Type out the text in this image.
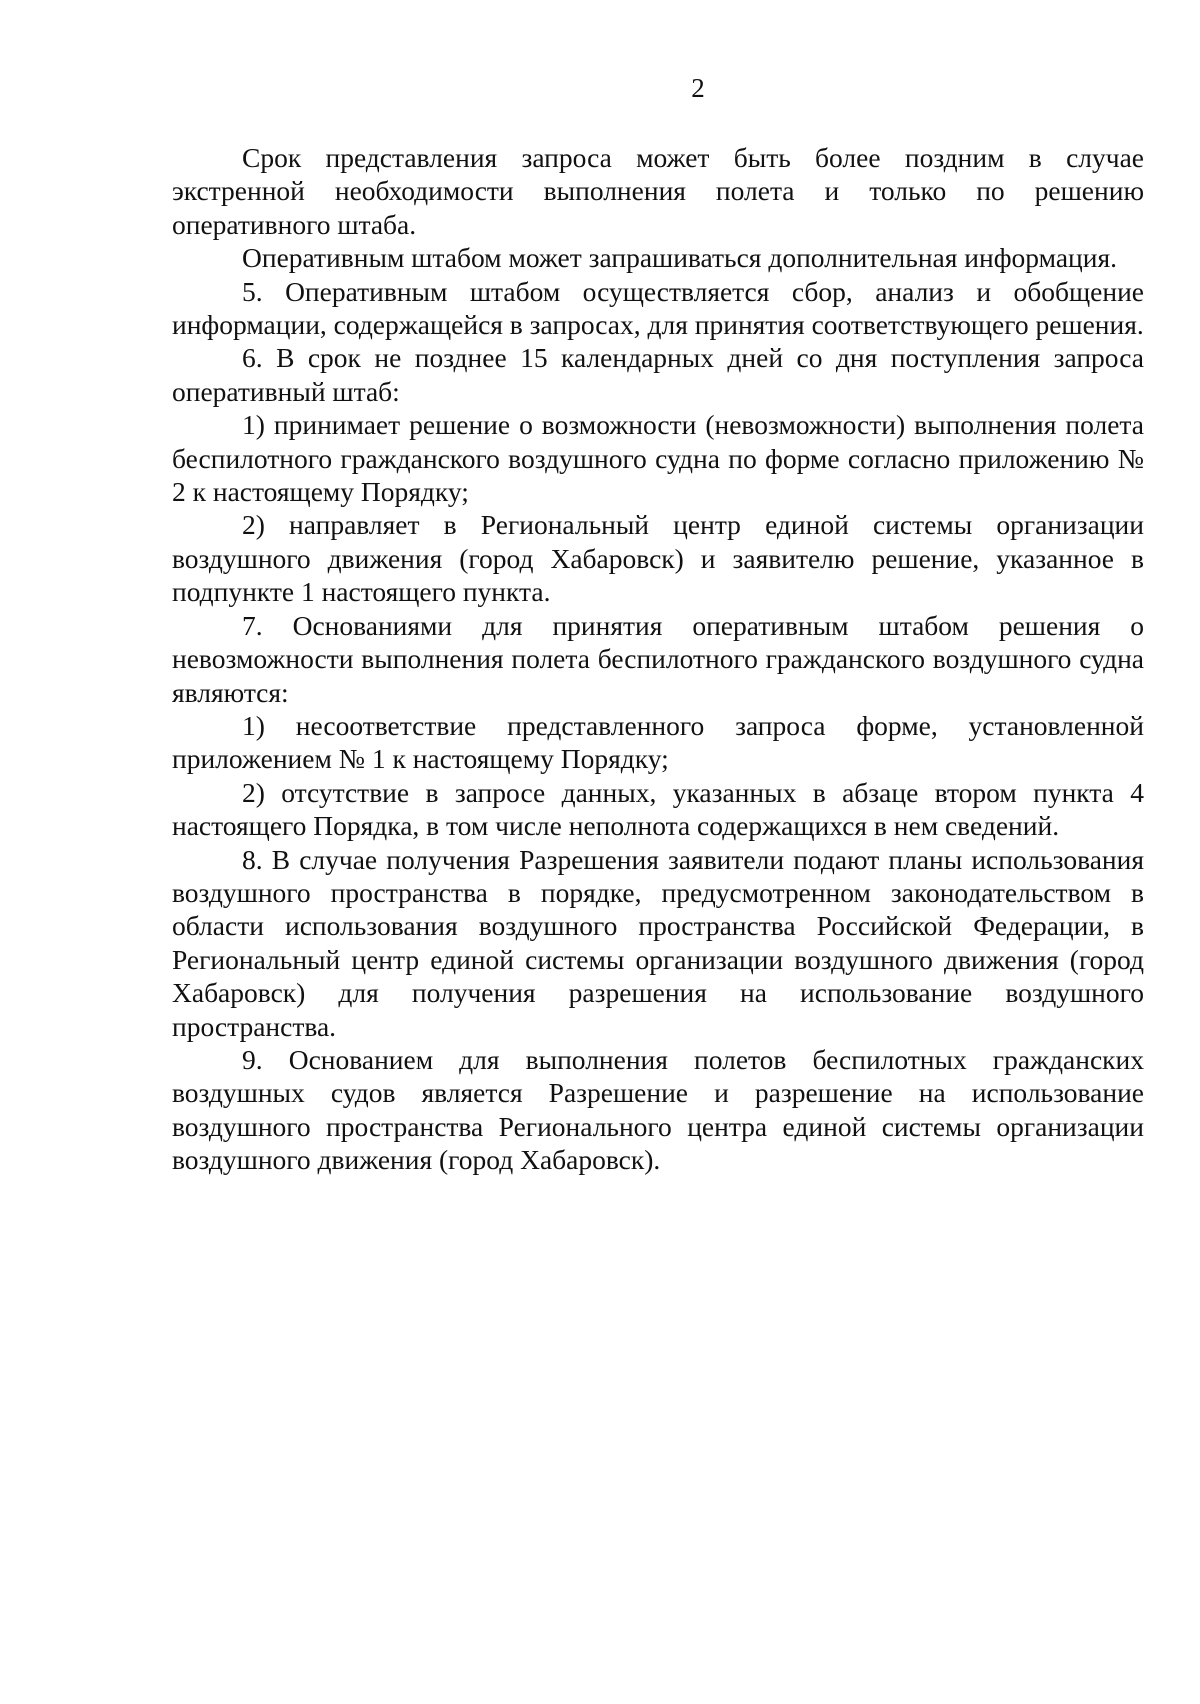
2

Срок представления запроса может быть более поздним в случае экстренной необходимости выполнения полета и только по решению оперативного штаба.

Оперативным штабом может запрашиваться дополнительная информация.

5. Оперативным штабом осуществляется сбор, анализ и обобщение информации, содержащейся в запросах, для принятия соответствующего решения.

6. В срок не позднее 15 календарных дней со дня поступления запроса оперативный штаб:

1) принимает решение о возможности (невозможности) выполнения полета беспилотного гражданского воздушного судна по форме согласно приложению № 2 к настоящему Порядку;

2) направляет в Региональный центр единой системы организации воздушного движения (город Хабаровск) и заявителю решение, указанное в подпункте 1 настоящего пункта.

7. Основаниями для принятия оперативным штабом решения о невозможности выполнения полета беспилотного гражданского воздушного судна являются:

1) несоответствие представленного запроса форме, установленной приложением № 1 к настоящему Порядку;

2) отсутствие в запросе данных, указанных в абзаце втором пункта 4 настоящего Порядка, в том числе неполнота содержащихся в нем сведений.

8. В случае получения Разрешения заявители подают планы использования воздушного пространства в порядке, предусмотренном законодательством в области использования воздушного пространства Российской Федерации, в Региональный центр единой системы организации воздушного движения (город Хабаровск) для получения разрешения на использование воздушного пространства.

9. Основанием для выполнения полетов беспилотных гражданских воздушных судов является Разрешение и разрешение на использование воздушного пространства Регионального центра единой системы организации воздушного движения (город Хабаровск).
